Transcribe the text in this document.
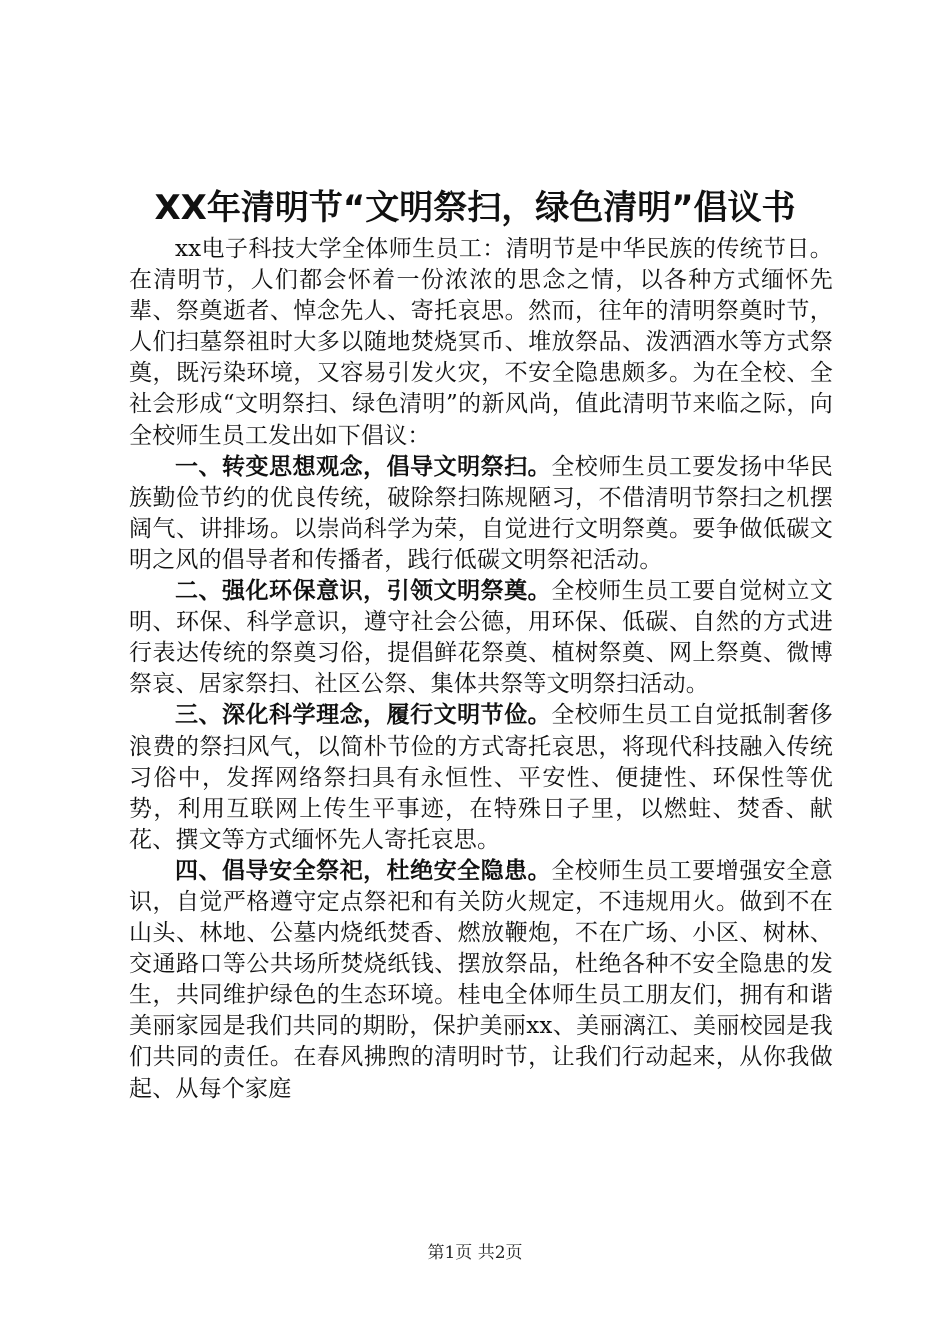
XX年清明节“文明祭扫，绿色清明”倡议书

xx电子科技大学全体师生员工：清明节是中华民族的传统节日。在清明节，人们都会怀着一份浓浓的思念之情，以各种方式缅怀先辈、祭奠逝者、悼念先人、寄托哀思。然而，往年的清明祭奠时节，人们扫墓祭祖时大多以随地焚烧冥币、堆放祭品、泼洒酒水等方式祭奠，既污染环境，又容易引发火灾，不安全隐患颇多。为在全校、全社会形成“文明祭扫、绿色清明”的新风尚，值此清明节来临之际，向全校师生员工发出如下倡议：

一、转变思想观念，倡导文明祭扫。全校师生员工要发扬中华民族勤俭节约的优良传统，破除祭扫陈规陋习，不借清明节祭扫之机摆阔气、讲排场。以崇尚科学为荣，自觉进行文明祭奠。要争做低碳文明之风的倡导者和传播者，践行低碳文明祭祀活动。

二、强化环保意识，引领文明祭奠。全校师生员工要自觉树立文明、环保、科学意识，遵守社会公德，用环保、低碳、自然的方式进行表达传统的祭奠习俗，提倡鲜花祭奠、植树祭奠、网上祭奠、微博祭哀、居家祭扫、社区公祭、集体共祭等文明祭扫活动。

三、深化科学理念，履行文明节俭。全校师生员工自觉抵制奢侈浪费的祭扫风气，以简朴节俭的方式寄托哀思，将现代科技融入传统习俗中，发挥网络祭扫具有永恒性、平安性、便捷性、环保性等优势，利用互联网上传生平事迹，在特殊日子里，以燃蛀、焚香、献花、撰文等方式缅怀先人寄托哀思。

四、倡导安全祭祀，杜绝安全隐患。全校师生员工要增强安全意识，自觉严格遵守定点祭祀和有关防火规定，不违规用火。做到不在山头、林地、公墓内烧纸焚香、燃放鞭炮，不在广场、小区、树林、交通路口等公共场所焚烧纸钱、摆放祭品，杜绝各种不安全隐患的发生，共同维护绿色的生态环境。桂电全体师生员工朋友们，拥有和谐美丽家园是我们共同的期盼，保护美丽xx、美丽漓江、美丽校园是我们共同的责任。在春风拂煦的清明时节，让我们行动起来，从你我做起、从每个家庭

第1页 共2页
